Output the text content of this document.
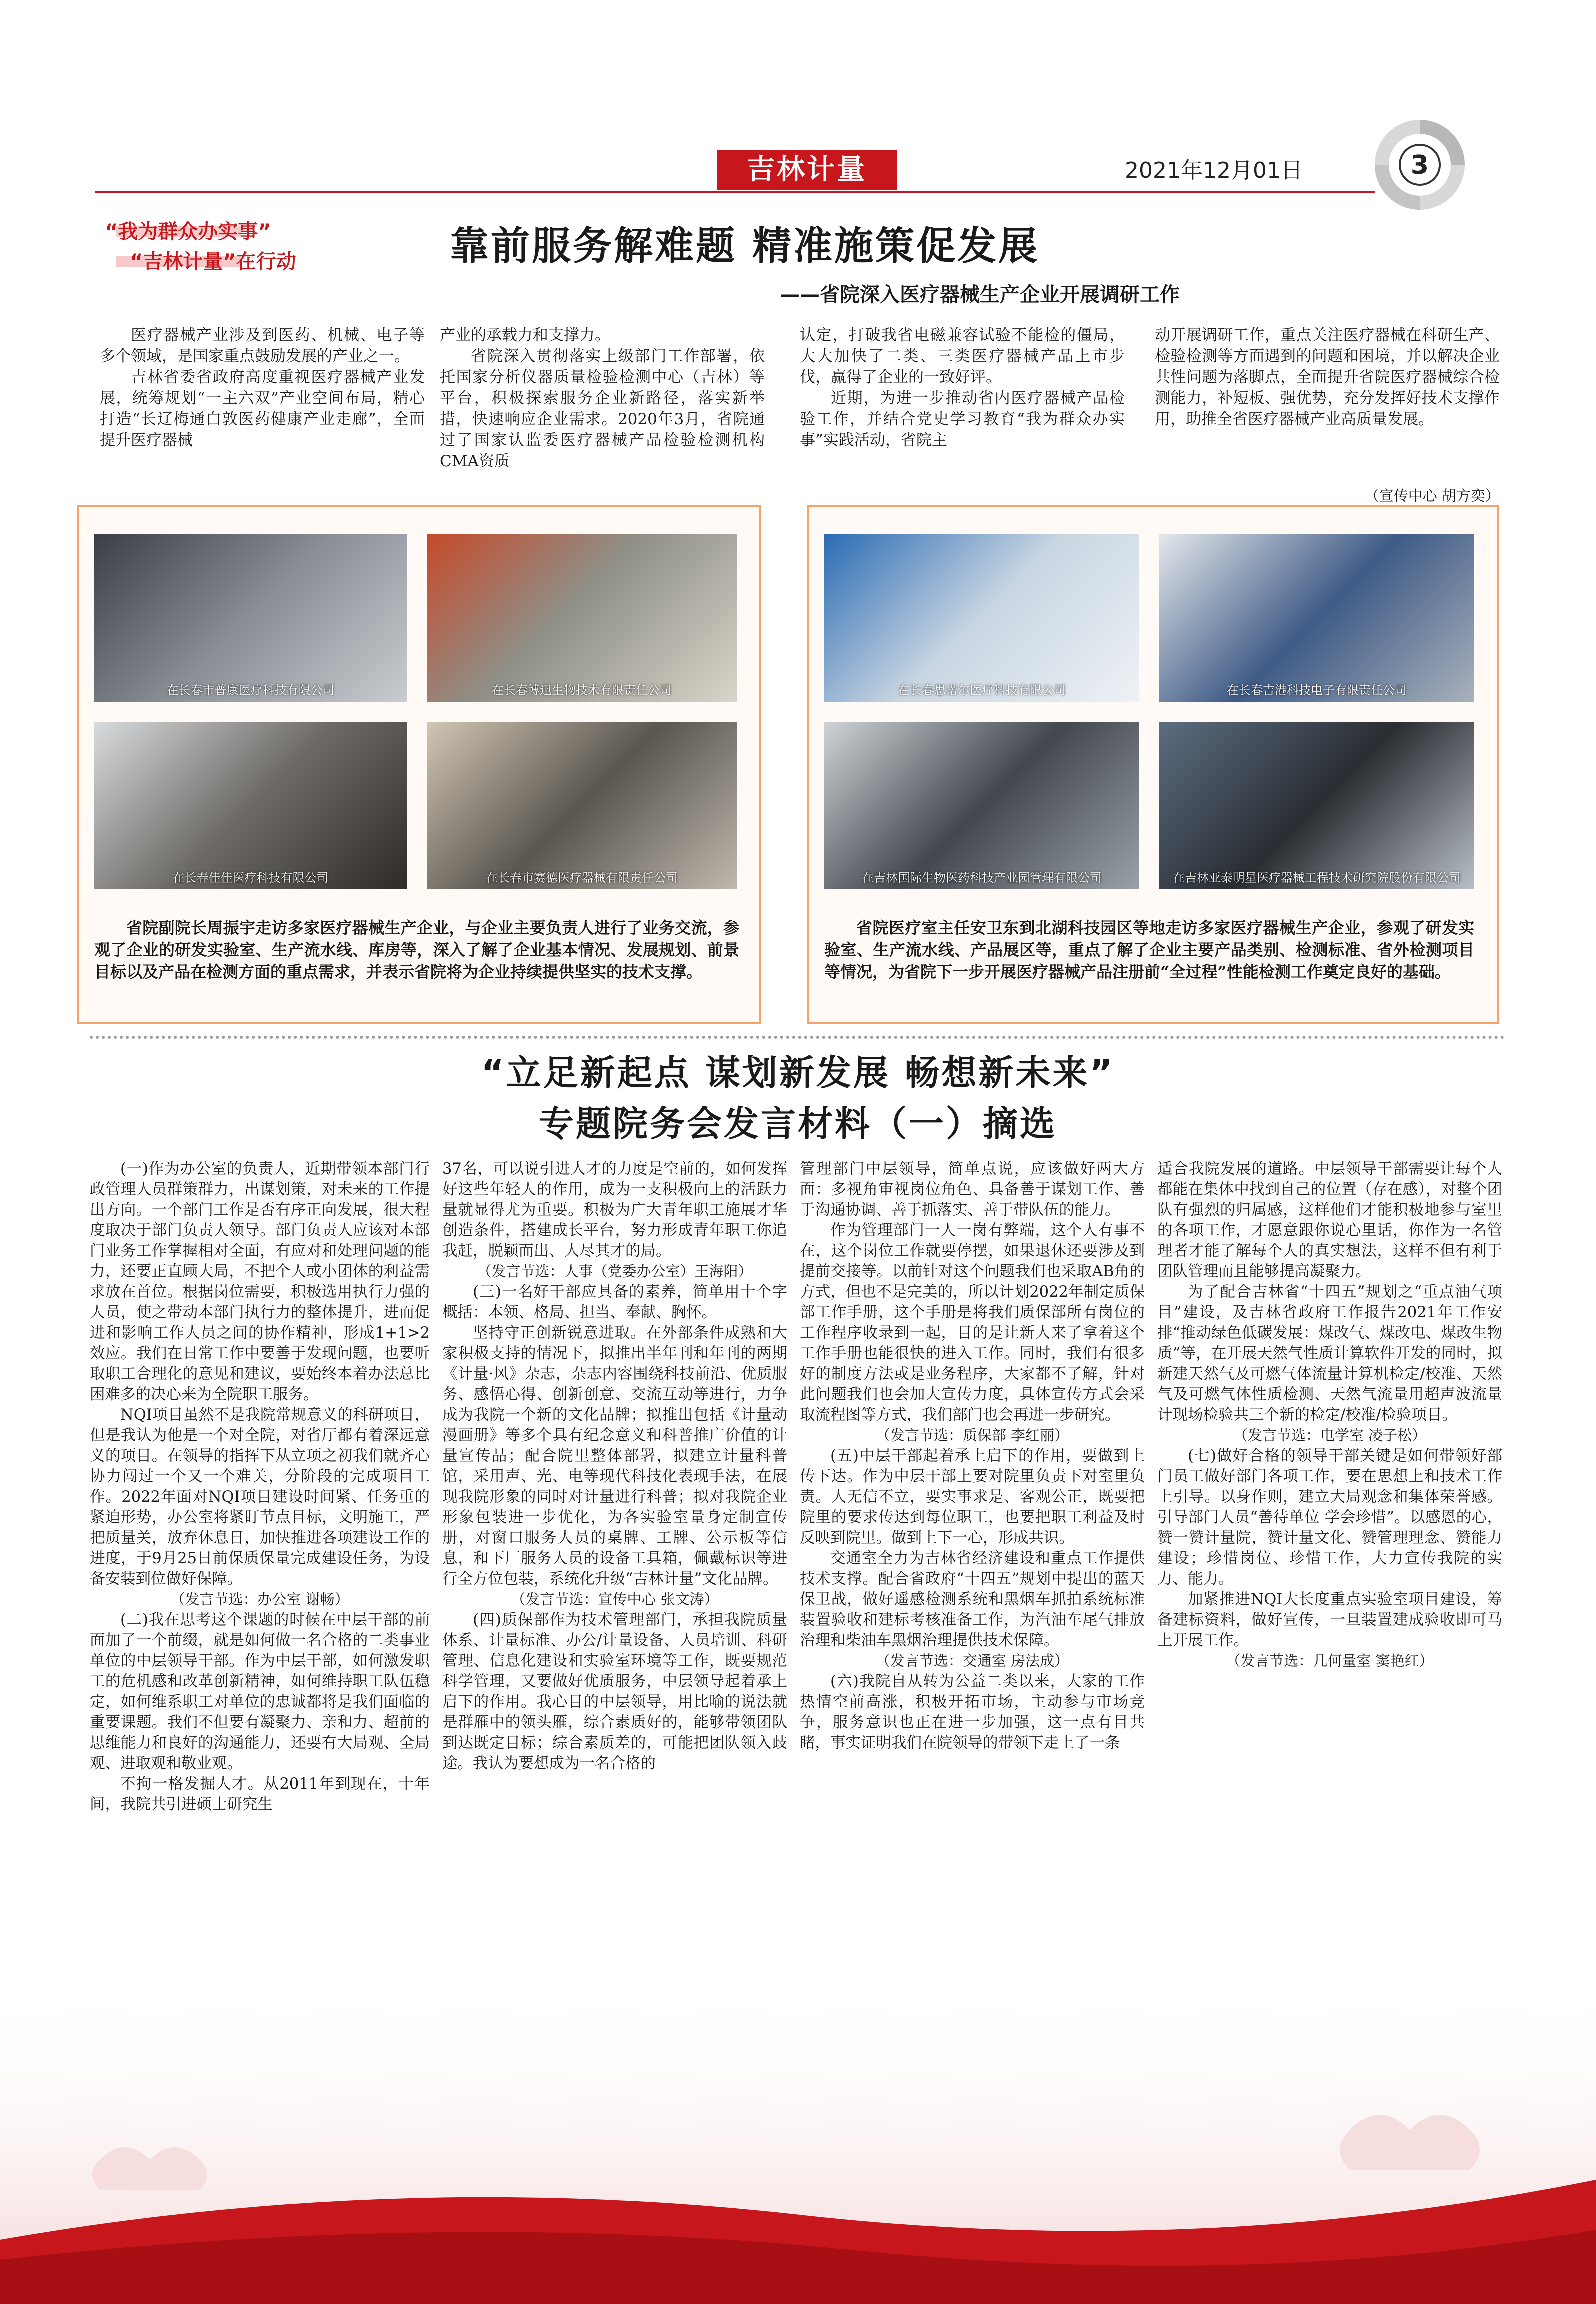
吉林计量	2021年12月01日	3
“我为群众办实事”
“吉林计量”在行动	靠前服务解难题 精准施策促发展
——省院深入医疗器械生产企业开展调研工作

医疗器械产业涉及到医药、机械、电子等多个领域，是国家重点鼓励发展的产业之一。

吉林省委省政府高度重视医疗器械产业发展，统筹规划“一主六双”产业空间布局，精心打造“长辽梅通白敦医药健康产业走廊”，全面提升医疗器械

产业的承载力和支撑力。

省院深入贯彻落实上级部门工作部署，依托国家分析仪器质量检验检测中心（吉林）等平台，积极探索服务企业新路径，落实新举措，快速响应企业需求。2020年3月，省院通过了国家认监委医疗器械产品检验检测机构CMA资质

认定，打破我省电磁兼容试验不能检的僵局，大大加快了二类、三类医疗器械产品上市步伐，赢得了企业的一致好评。

近期，为进一步推动省内医疗器械产品检验工作，并结合党史学习教育“我为群众办实事”实践活动，省院主

动开展调研工作，重点关注医疗器械在科研生产、检验检测等方面遇到的问题和困境，并以解决企业共性问题为落脚点，全面提升省院医疗器械综合检测能力，补短板、强优势，充分发挥好技术支撑作用，助推全省医疗器械产业高质量发展。

（宣传中心 胡方奕）
在长春市普康医疗科技有限公司	在长春博迅生物技术有限责任公司
在长春佳佳医疗科技有限公司	在长春市赛德医疗器械有限责任公司

省院副院长周振宇走访多家医疗器械生产企业，与企业主要负责人进行了业务交流，参观了企业的研发实验室、生产流水线、库房等，深入了解了企业基本情况、发展规划、前景目标以及产品在检测方面的重点需求，并表示省院将为企业持续提供坚实的技术支撑。

在长春思诺尔医疗科技有限公司	在长春吉港科技电子有限责任公司
在吉林国际生物医药科技产业园管理有限公司	在吉林亚泰明星医疗器械工程技术研究院股份有限公司

省院医疗室主任安卫东到北湖科技园区等地走访多家医疗器械生产企业，参观了研发实验室、生产流水线、产品展区等，重点了解了企业主要产品类别、检测标准、省外检测项目等情况，为省院下一步开展医疗器械产品注册前“全过程”性能检测工作奠定良好的基础。

“立足新起点 谋划新发展 畅想新未来”
专题院务会发言材料（一）摘选

(一)作为办公室的负责人，近期带领本部门行政管理人员群策群力，出谋划策，对未来的工作提出方向。一个部门工作是否有序正向发展，很大程度取决于部门负责人领导。部门负责人应该对本部门业务工作掌握相对全面，有应对和处理问题的能力，还要正直顾大局，不把个人或小团体的利益需求放在首位。根据岗位需要，积极选用执行力强的人员，使之带动本部门执行力的整体提升，进而促进和影响工作人员之间的协作精神，形成1+1>2效应。我们在日常工作中要善于发现问题，也要听取职工合理化的意见和建议，要始终本着办法总比困难多的决心来为全院职工服务。

NQI项目虽然不是我院常规意义的科研项目，但是我认为他是一个对全院，对省厅都有着深远意义的项目。在领导的指挥下从立项之初我们就齐心协力闯过一个又一个难关，分阶段的完成项目工作。2022年面对NQI项目建设时间紧、任务重的紧迫形势，办公室将紧盯节点目标，文明施工，严把质量关，放弃休息日，加快推进各项建设工作的进度，于9月25日前保质保量完成建设任务，为设备安装到位做好保障。

（发言节选：办公室 谢畅）

(二)我在思考这个课题的时候在中层干部的前面加了一个前缀，就是如何做一名合格的二类事业单位的中层领导干部。作为中层干部，如何激发职工的危机感和改革创新精神，如何维持职工队伍稳定，如何维系职工对单位的忠诚都将是我们面临的重要课题。我们不但要有凝聚力、亲和力、超前的思维能力和良好的沟通能力，还要有大局观、全局观、进取观和敬业观。

不拘一格发掘人才。从2011年到现在，十年间，我院共引进硕士研究生

37名，可以说引进人才的力度是空前的，如何发挥好这些年轻人的作用，成为一支积极向上的活跃力量就显得尤为重要。积极为广大青年职工施展才华创造条件，搭建成长平台，努力形成青年职工你追我赶，脱颖而出、人尽其才的局。

（发言节选：人事（党委办公室）王海阳）

(三)一名好干部应具备的素养，简单用十个字概括：本领、格局、担当、奉献、胸怀。

坚持守正创新锐意进取。在外部条件成熟和大家积极支持的情况下，拟推出半年刊和年刊的两期《计量·风》杂志，杂志内容围绕科技前沿、优质服务、感悟心得、创新创意、交流互动等进行，力争成为我院一个新的文化品牌；拟推出包括《计量动漫画册》等多个具有纪念意义和科普推广价值的计量宣传品；配合院里整体部署，拟建立计量科普馆，采用声、光、电等现代科技化表现手法，在展现我院形象的同时对计量进行科普；拟对我院企业形象包装进一步优化，为各实验室量身定制宣传册，对窗口服务人员的桌牌、工牌、公示板等信息，和下厂服务人员的设备工具箱，佩戴标识等进行全方位包装，系统化升级“吉林计量”文化品牌。

（发言节选：宣传中心 张文涛）

(四)质保部作为技术管理部门，承担我院质量体系、计量标准、办公/计量设备、人员培训、科研管理、信息化建设和实验室环境等工作，既要规范科学管理，又要做好优质服务，中层领导起着承上启下的作用。我心目的中层领导，用比喻的说法就是群雁中的领头雁，综合素质好的，能够带领团队到达既定目标；综合素质差的，可能把团队领入歧途。我认为要想成为一名合格的

管理部门中层领导，简单点说，应该做好两大方面：多视角审视岗位角色、具备善于谋划工作、善于沟通协调、善于抓落实、善于带队伍的能力。

作为管理部门一人一岗有弊端，这个人有事不在，这个岗位工作就要停摆，如果退休还要涉及到提前交接等。以前针对这个问题我们也采取AB角的方式，但也不是完美的，所以计划2022年制定质保部工作手册，这个手册是将我们质保部所有岗位的工作程序收录到一起，目的是让新人来了拿着这个工作手册也能很快的进入工作。同时，我们有很多好的制度方法或是业务程序，大家都不了解，针对此问题我们也会加大宣传力度，具体宣传方式会采取流程图等方式，我们部门也会再进一步研究。

（发言节选：质保部 李红丽）

(五)中层干部起着承上启下的作用，要做到上传下达。作为中层干部上要对院里负责下对室里负责。人无信不立，要实事求是、客观公正，既要把院里的要求传达到每位职工，也要把职工利益及时反映到院里。做到上下一心，形成共识。

交通室全力为吉林省经济建设和重点工作提供技术支撑。配合省政府“十四五”规划中提出的蓝天保卫战，做好遥感检测系统和黑烟车抓拍系统标准装置验收和建标考核准备工作，为汽油车尾气排放治理和柴油车黑烟治理提供技术保障。

（发言节选：交通室 房法成）

(六)我院自从转为公益二类以来，大家的工作热情空前高涨，积极开拓市场，主动参与市场竞争，服务意识也正在进一步加强，这一点有目共睹，事实证明我们在院领导的带领下走上了一条

适合我院发展的道路。中层领导干部需要让每个人都能在集体中找到自己的位置（存在感），对整个团队有强烈的归属感，这样他们才能积极地参与室里的各项工作，才愿意跟你说心里话，你作为一名管理者才能了解每个人的真实想法，这样不但有利于团队管理而且能够提高凝聚力。

为了配合吉林省“十四五”规划之“重点油气项目”建设，及吉林省政府工作报告2021年工作安排“推动绿色低碳发展：煤改气、煤改电、煤改生物质”等，在开展天然气性质计算软件开发的同时，拟新建天然气及可燃气体流量计算机检定/校准、天然气及可燃气体性质检测、天然气流量用超声波流量计现场检验共三个新的检定/校准/检验项目。

（发言节选：电学室 凌子松）

(七)做好合格的领导干部关键是如何带领好部门员工做好部门各项工作，要在思想上和技术工作上引导。以身作则，建立大局观念和集体荣誉感。引导部门人员“善待单位 学会珍惜”。以感恩的心，赞一赞计量院，赞计量文化、赞管理理念、赞能力建设；珍惜岗位、珍惜工作，大力宣传我院的实力、能力。

加紧推进NQI大长度重点实验室项目建设，筹备建标资料，做好宣传，一旦装置建成验收即可马上开展工作。

（发言节选：几何量室 窦艳红）
